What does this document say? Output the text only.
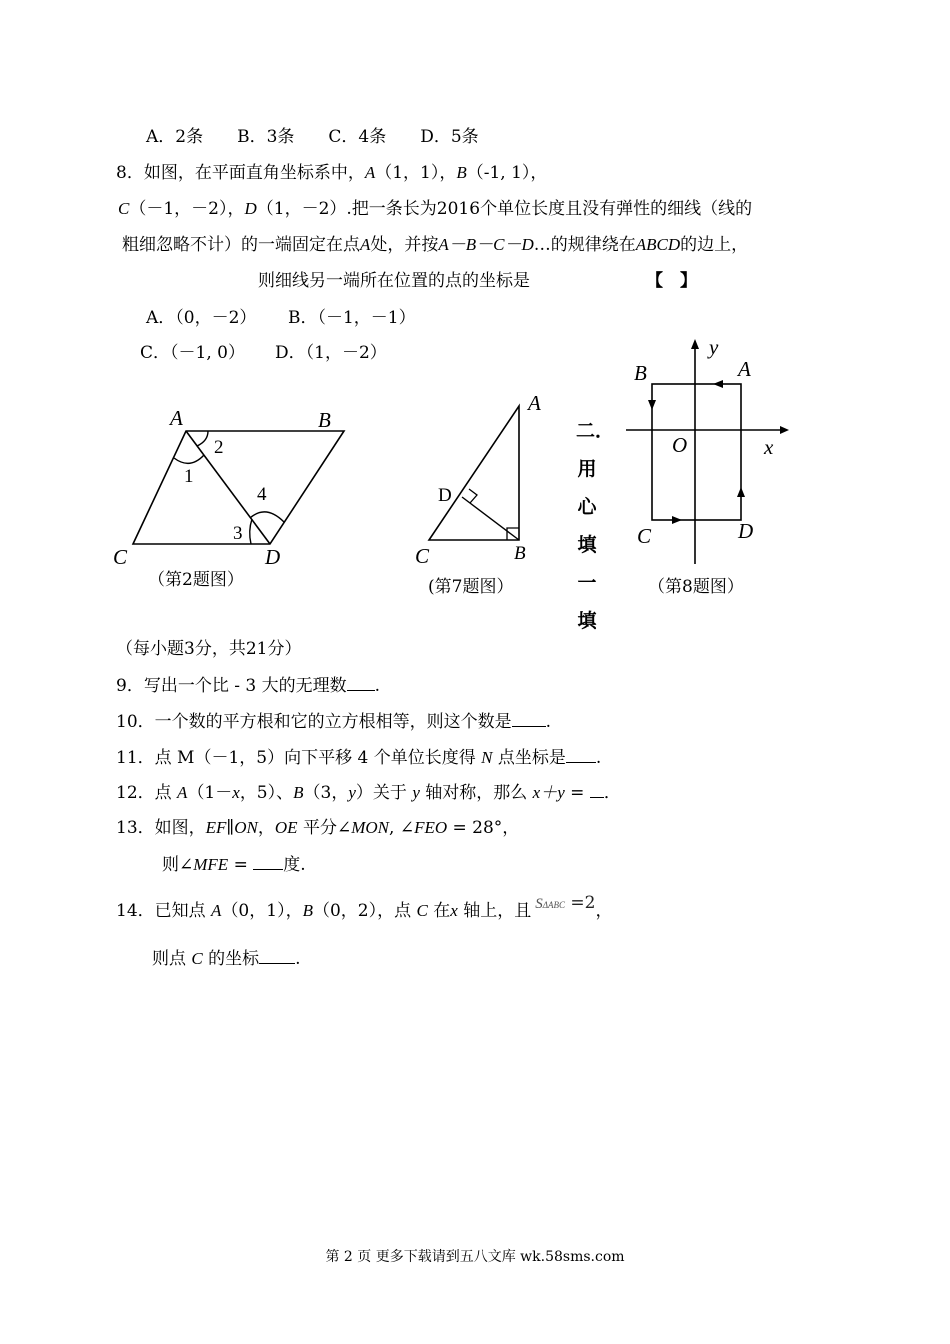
A．2条　　B．3条　　C．4条　　D．5条
8．如图，在平面直角坐标系中，A（1，1），B（-1, 1），
C（－1，－2），D（1，－2）.把一条长为2016个单位长度且没有弹性的细线（线的
粗细忽略不计）的一端固定在点A处，并按A－B－C－D…的规律绕在ABCD的边上，
则细线另一端所在位置的点的坐标是	【　】
A．（0，－2） B．（－1，－1）
C．（－1, 0） D．（1，－2）
A	B
C	D
1
2
3
4
（第2题图）
A
B
C
D
(第7题图）
二．
用
心
填
一
填
y
A
B
O	x
C	D
（第8题图）
（每小题3分，共21分）
9．写出一个比 - 3 大的无理数 .
10．一个数的平方根和它的立方根相等，则这个数是 .
11．点 M（－1，5）向下平移 4 个单位长度得 N 点坐标是 .
12．点 A（1－x，5）、B（3，y）关于 y 轴对称，那么 x＋y = ．
13．如图，EF∥ON，OE 平分∠MON, ∠FEO = 28°，
则∠MFE = 度.
14．已知点 A（0，1），B（0，2），点 C 在x 轴上，且 SΔABC =2，
则点 C 的坐标 .
第 2 页 更多下载请到五八文库 wk.58sms.com
